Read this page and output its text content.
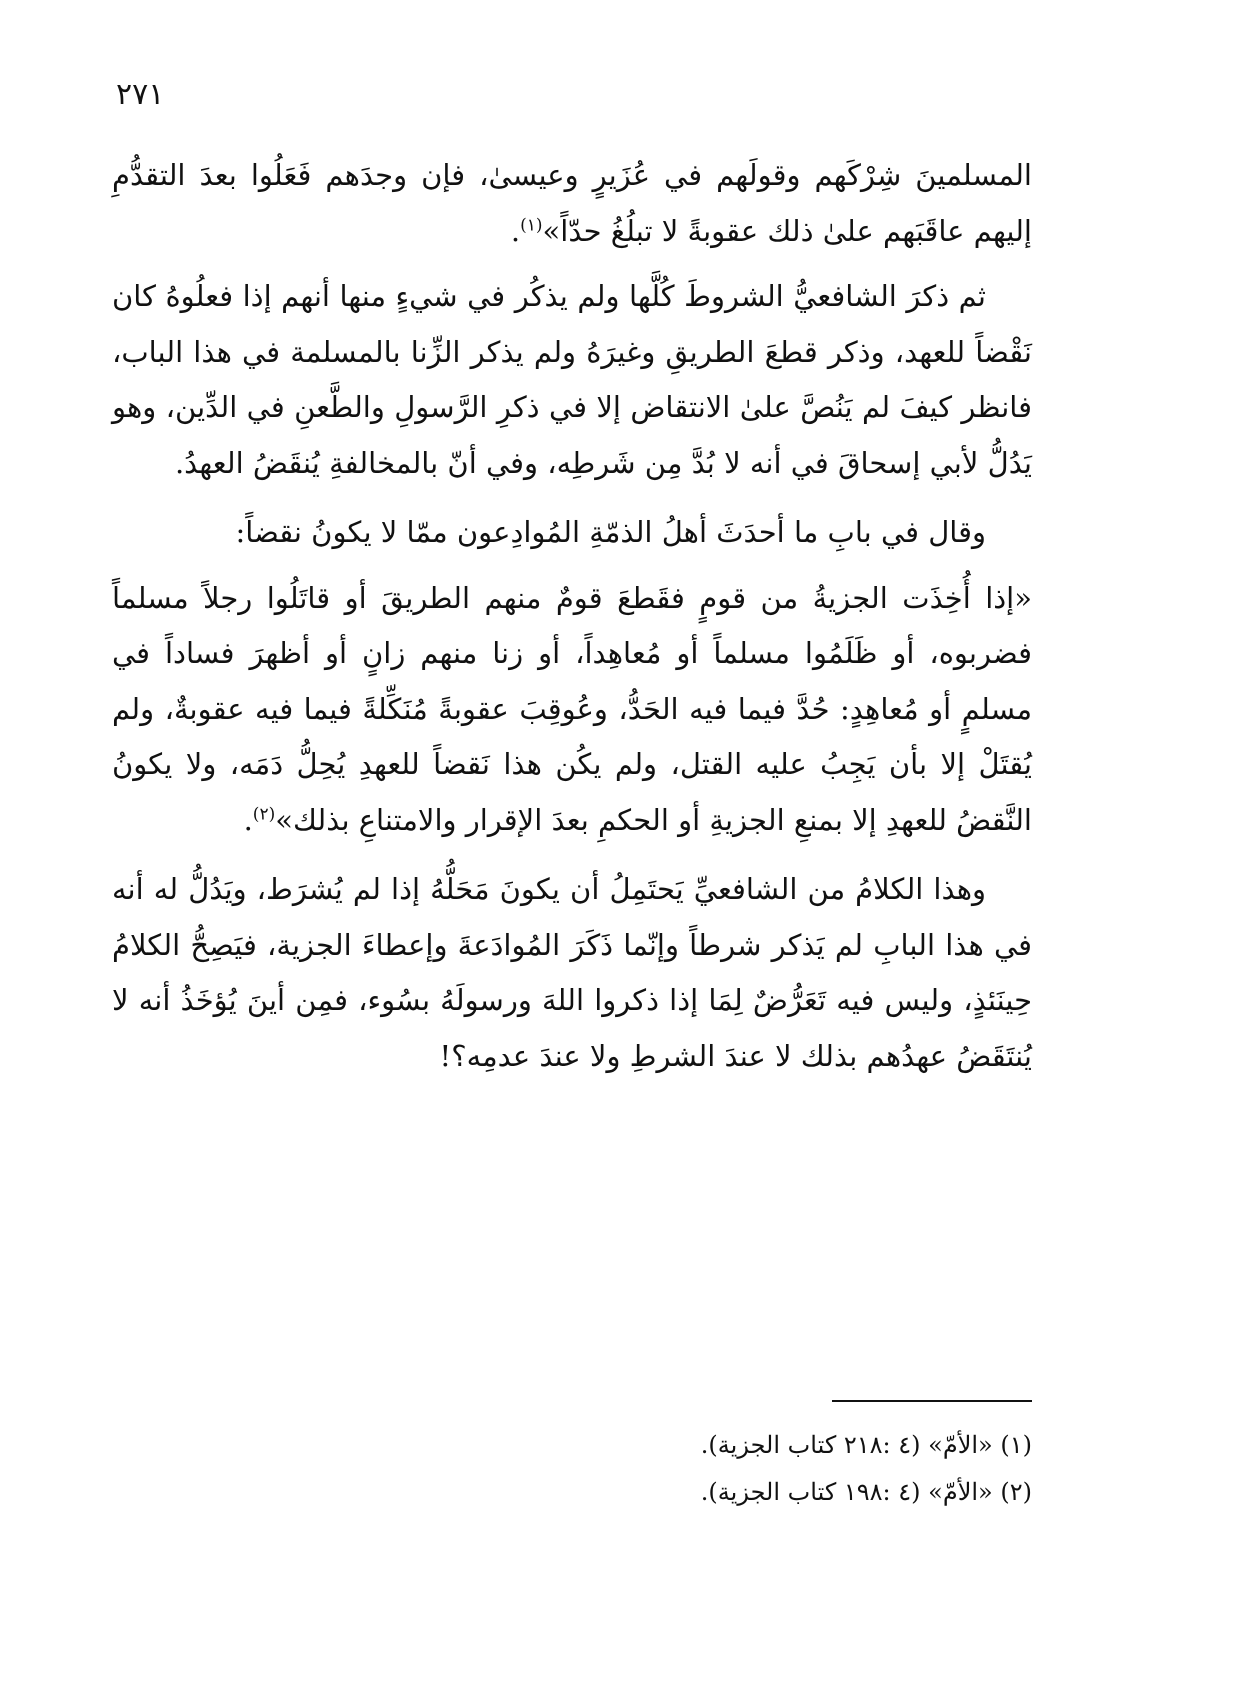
٢٧١

المسلمينَ شِرْكَهم وقولَهم في عُزَيرٍ وعيسىٰ، فإن وجدَهم فَعَلُوا بعدَ التقدُّمِ إليهم عاقَبَهم علىٰ ذلك عقوبةً لا تبلُغُ حدّاً»$^{(١)}$.

ثم ذكرَ الشافعيُّ الشروطَ كُلَّها ولم يذكُر في شيءٍ منها أنهم إذا فعلُوهُ كان نَقْضاً للعهد، وذكر قطعَ الطريقِ وغيرَهُ ولم يذكر الزِّنا بالمسلمة في هذا الباب، فانظر كيفَ لم يَنُصَّ علىٰ الانتقاض إلا في ذكرِ الرَّسولِ والطَّعنِ في الدِّين، وهو يَدُلُّ لأبي إسحاقَ في أنه لا بُدَّ مِن شَرطِه، وفي أنّ بالمخالفةِ يُنقَضُ العهدُ.

وقال في بابِ ما أحدَثَ أهلُ الذمّةِ المُوادِعون ممّا لا يكونُ نقضاً:

«إذا أُخِذَت الجزيةُ من قومٍ فقَطعَ قومٌ منهم الطريقَ أو قاتَلُوا رجلاً مسلماً فضربوه، أو ظَلَمُوا مسلماً أو مُعاهِداً، أو زنا منهم زانٍ أو أظهرَ فساداً في مسلمٍ أو مُعاهِدٍ: حُدَّ فيما فيه الحَدُّ، وعُوقِبَ عقوبةً مُنَكِّلةً فيما فيه عقوبةٌ، ولم يُقتَلْ إلا بأن يَجِبُ عليه القتل، ولم يكُن هذا نَقضاً للعهدِ يُحِلُّ دَمَه، ولا يكونُ النَّقضُ للعهدِ إلا بمنعِ الجزيةِ أو الحكمِ بعدَ الإقرار والامتناعِ بذلك»$^{(٢)}$.

وهذا الكلامُ من الشافعيِّ يَحتَمِلُ أن يكونَ مَحَلُّهُ إذا لم يُشرَط، ويَدُلُّ له أنه في هذا البابِ لم يَذكر شرطاً وإنّما ذَكَرَ المُوادَعةَ وإعطاءَ الجزية، فيَصِحُّ الكلامُ حِينَئذٍ، وليس فيه تَعَرُّضٌ لِمَا إذا ذكروا اللهَ ورسولَهُ بسُوء، فمِن أينَ يُؤخَذُ أنه لا يُنتَقَضُ عهدُهم بذلك لا عندَ الشرطِ ولا عندَ عدمِه؟!

(١) «الأمّ» (٤ :٢١٨ كتاب الجزية).

(٢) «الأمّ» (٤ :١٩٨ كتاب الجزية).
